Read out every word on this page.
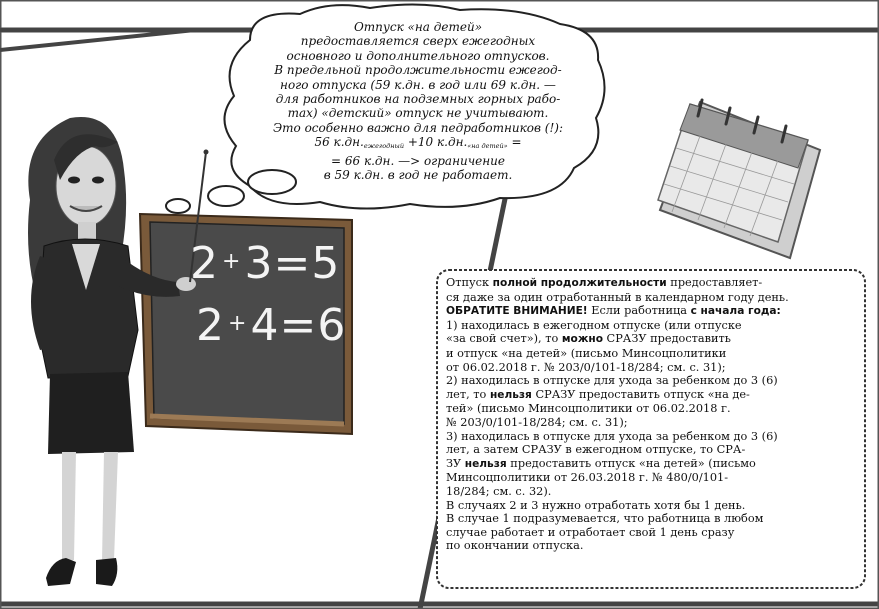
2 +3=5
2 +4=6
Отпуск «на детей»
предоставляется сверх ежегодных
основного и дополнительного отпусков.
В предельной продолжительности ежегод-
ного отпуска (59 к.дн. в год или 69 к.дн. —
для работников на подземных горных рабо-
тах) «детский» отпуск не учитывают.
Это особенно важно для педработников (!):
56 $к.дн._{ежегодный} +10$ $к.дн._{«на детей»}$ =
= 66 к.дн. —> ограничение
в 59 к.дн. в год не работает.
Отпуск полной продолжительности предоставляет-
ся даже за один отработанный в календарном году день.
ОБРАТИТЕ ВНИМАНИЕ! Если работница с начала года:
1) находилась в ежегодном отпуске (или отпуске
«за свой счет»), то можно СРАЗУ предоставить
и отпуск «на детей» (письмо Минсоцполитики
от 06.02.2018 г. № 203/0/101-18/284; см. с. 31);
2) находилась в отпуске для ухода за ребенком до 3 (6)
лет, то нельзя СРАЗУ предоставить отпуск «на де-
тей» (письмо Минсоцполитики от 06.02.2018 г.
№ 203/0/101-18/284; см. с. 31);
3) находилась в отпуске для ухода за ребенком до 3 (6)
лет, а затем СРАЗУ в ежегодном отпуске, то СРА-
ЗУ нельзя предоставить отпуск «на детей» (письмо
Минсоцполитики от 26.03.2018 г. № 480/0/101-
18/284; см. с. 32).
В случаях 2 и 3 нужно отработать хотя бы 1 день.
В случае 1 подразумевается, что работница в любом
случае работает и отработает свой 1 день сразу
по окончании отпуска.
